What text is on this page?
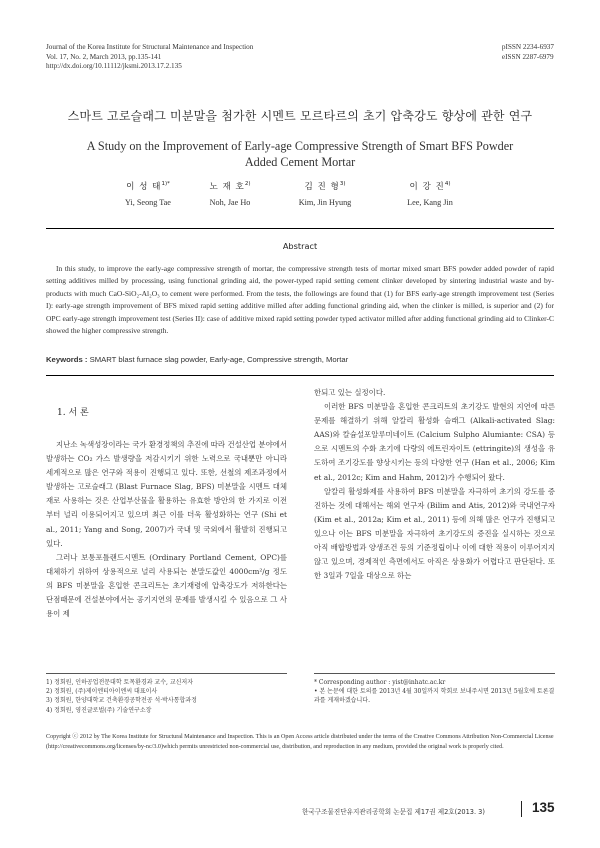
Journal of the Korea Institute for Structural Maintenance and Inspection
Vol. 17, No. 2, March 2013, pp.135-141
http://dx.doi.org/10.11112/jksmi.2013.17.2.135
pISSN 2234-6937
eISSN 2287-6979
스마트 고로슬래그 미분말을 첨가한 시멘트 모르타르의 초기 압축강도 향상에 관한 연구
A Study on the Improvement of Early-age Compressive Strength of Smart BFS Powder
Added Cement Mortar
이 성 태$^{1)*}$
Yi, Seong Tae
노 재 호$^{2)}$
Noh, Jae Ho
김 진 형$^{3)}$
Kim, Jin Hyung
이 강 진$^{4)}$
Lee, Kang Jin
Abstract

In this study, to improve the early-age compressive strength of mortar, the compressive strength tests of mortar mixed smart BFS powder added powder of rapid setting additives milled by processing, using functional grinding aid, the power-typed rapid setting cement clinker developed by sintering industrial waste and by-products with much CaO-SiO₂-Al₂O₃ to cement were performed. From the tests, the followings are found that (1) for BFS early-age strength improvement test (Series I): early-age strength improvement of BFS mixed rapid setting additive milled after adding functional grinding aid, when the clinker is milled, is superior and (2) for OPC early-age strength improvement test (Series II): case of additive mixed rapid setting powder typed activator milled after adding functional grinding aid to Clinker-C showed the higher compressive strength.

Keywords : SMART blast furnace slag powder, Early-age, Compressive strength, Mortar
1. 서 론

지난소 녹색성장이라는 국가 환경정책의 추진에 따라 건설산업 분야에서 발생하는 CO₂ 가스 발생량을 저감시키기 위한 노력으로 국내뿐만 아니라 세계적으로 많은 연구와 적용이 진행되고 있다. 또한, 선철의 제조과정에서 발생하는 고로슬래그 (Blast Furnace Slag, BFS) 미분말을 시멘트 대체재로 사용하는 것은 산업부산물을 활용하는 유효한 방안의 한 가지로 이전부터 널리 이용되어지고 있으며 최근 이를 더욱 활성화하는 연구 (Shi et al., 2011; Yang and Song, 2007)가 국내 및 국외에서 활발히 진행되고 있다.

그러나 보통포틀랜드시멘트 (Ordinary Portland Cement, OPC)를 대체하기 위하여 상용적으로 널리 사용되는 분말도값인 4000cm²/g 정도의 BFS 미분말을 혼입한 콘크리트는 초기재령에 압축강도가 저하한다는 단점때문에 건설분야에서는 공기지연의 문제를 발생시킬 수 있음으로 그 사용이 제

한되고 있는 실정이다.

이러한 BFS 미분말을 혼입한 콘크리트의 초기강도 발현의 지연에 따른 문제를 해결하기 위해 알칼리 활성화 슬래그 (Alkali-activated Slag: AAS)와 칼슘설포알루미네이트 (Calcium Sulpho Alumiante: CSA) 등으로 시멘트의 수화 초기에 다량의 에트린자이트 (ettringite)의 생성을 유도하여 조기강도를 향상시키는 등의 다양한 연구 (Han et al., 2006; Kim et al., 2012c; Kim and Hahm, 2012)가 수행되어 왔다.

알칼리 활성화제를 사용하여 BFS 미분말을 자극하여 초기의 강도를 증진하는 것에 대해서는 해외 연구자 (Bilim and Atis, 2012)와 국내연구자 (Kim et al., 2012a; Kim et al., 2011) 등에 의해 많은 연구가 진행되고 있으나 이는 BFS 미분말을 자극하여 초기강도의 증진을 실시하는 것으로 아직 배합방법과 양생조건 등의 기준정립이나 이에 대한 적용이 이루어지지 않고 있으며, 경제적인 측면에서도 아직은 상용화가 어렵다고 판단된다. 또한 3일과 7일을 대상으로 하는

1) 정회원, 인하공업전문대학 토목환경과 교수, 교신저자
2) 정회원, (주)제이엔티아이엔씨 대표이사
3) 정회원, 한양대학교 건축환경공학전공 석·박사통합과정
4) 정회원, 영진글로벌(주) 기술연구소장
* Corresponding author : yist@inhatc.ac.kr
• 본 논문에 대한 토의를 2013년 4월 30일까지 학회로 보내주시면 2013년 5월호에 토론결과를 게재하겠습니다.
Copyright ⓒ 2012 by The Korea Institute for Structural Maintenance and Inspection. This is an Open Access article distributed under the terms of the Creative Commons Attribution Non-Commercial License (http://creativecommons.org/licenses/by-nc/3.0)which permits unrestricted non-commercial use, distribution, and reproduction in any medium, provided the original work is properly cited.
한국구조물진단유지관리공학회 논문집 제17권 제2호(2013. 3)	135
